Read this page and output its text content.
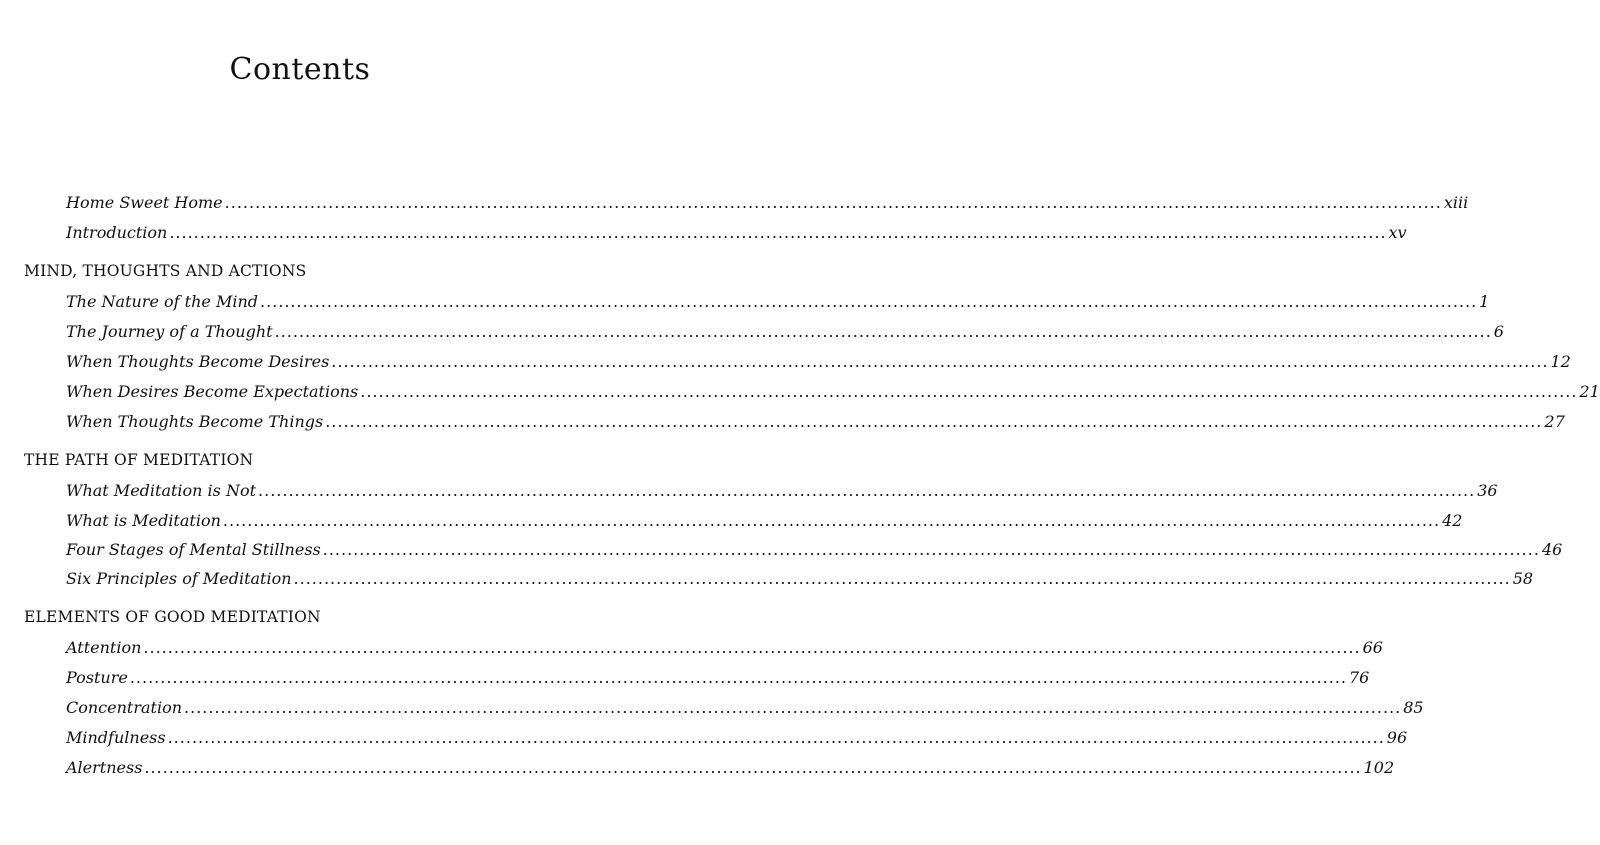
Contents
Home Sweet Home ........................................................................................................................................................................................................ xiii
Introduction ........................................................................................................................................................................................................ xv
MIND, THOUGHTS AND ACTIONS
The Nature of the Mind ........................................................................................................................................................................................................ 1
The Journey of a Thought ........................................................................................................................................................................................................ 6
When Thoughts Become Desires ........................................................................................................................................................................................................ 12
When Desires Become Expectations ........................................................................................................................................................................................................ 21
When Thoughts Become Things ........................................................................................................................................................................................................ 27
THE PATH OF MEDITATION
What Meditation is Not ........................................................................................................................................................................................................ 36
What is Meditation ........................................................................................................................................................................................................ 42
Four Stages of Mental Stillness ........................................................................................................................................................................................................ 46
Six Principles of Meditation ........................................................................................................................................................................................................ 58
ELEMENTS OF GOOD MEDITATION
Attention ........................................................................................................................................................................................................ 66
Posture ........................................................................................................................................................................................................ 76
Concentration ........................................................................................................................................................................................................ 85
Mindfulness ........................................................................................................................................................................................................ 96
Alertness ........................................................................................................................................................................................................ 102
